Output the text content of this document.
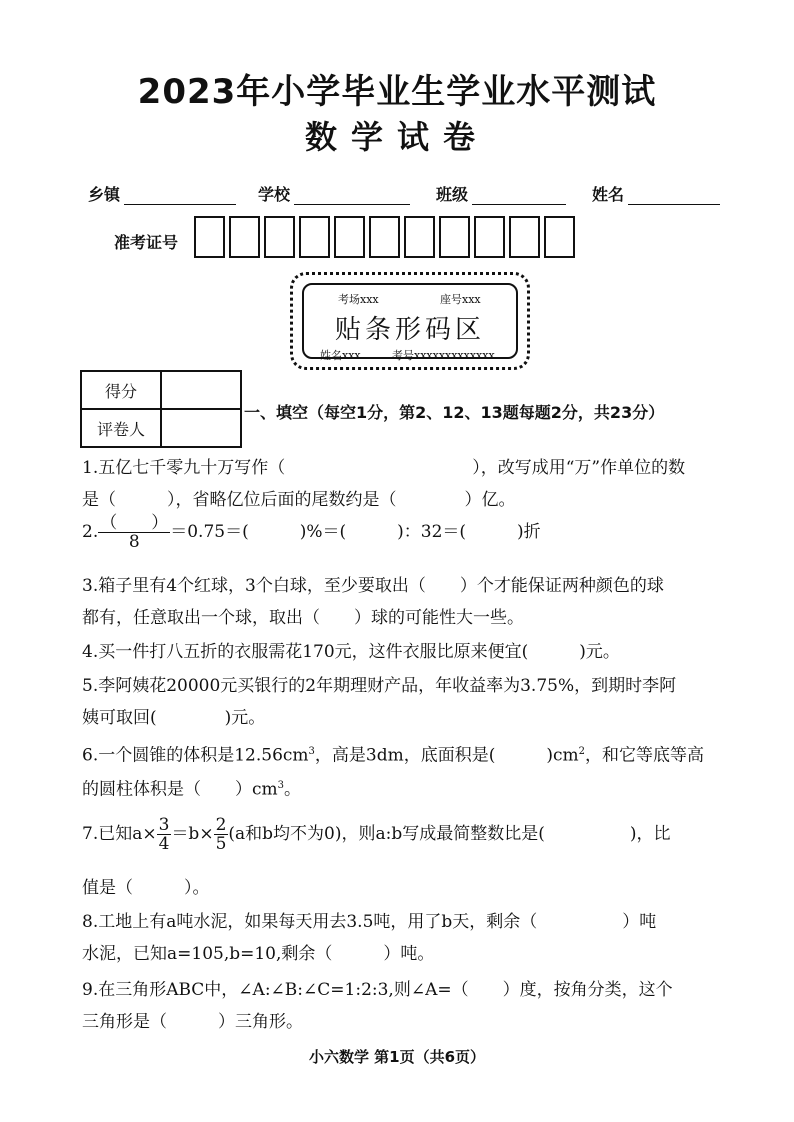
2023年小学毕业生学业水平测试
数学试卷
乡镇	学校	班级	姓名
准考证号
考场xxx	座号xxx
贴条形码区
姓名xxx	考号xxxxxxxxxxxxx
得分	
评卷人	
一、填空（每空1分，第2、12、13题每题2分，共23分）
1.五亿七千零九十万写作（　　　　　　　　　　　），改写成用“万”作单位的数
是（　　　），省略亿位后面的尾数约是（　　　　）亿。
2. $\frac{( )}{8} =0.75=$(　　　)%＝(　　　)：32＝(　　　)折
3.箱子里有4个红球，3个白球，至少要取出（　　）个才能保证两种颜色的球
都有，任意取出一个球，取出（　　）球的可能性大一些。
4.买一件打八五折的衣服需花170元，这件衣服比原来便宜(　　　)元。
5.李阿姨花20000元买银行的2年期理财产品，年收益率为3.75%，到期时李阿
姨可取回(　　　　)元。
6.一个圆锥的体积是$12.56cm^3$，高是3dm，底面积是(　　　)$cm^2$，和它等底等高
的圆柱体积是（　　）$cm^3$。
7.已知$a\times \frac{3}{4} =b\times \frac{2}{5} (a$和b均不为0)，则a:b写成最简整数比是(　　　　　)，比
值是（　　　）。
8.工地上有a吨水泥，如果每天用去3.5吨，用了b天，剩余（　　　　　）吨
水泥，已知a=105,b=10,剩余（　　　）吨。
9.在三角形ABC中，∠A:∠B:∠C=1:2:3,则∠A=（　　）度，按角分类，这个
三角形是（　　　）三角形。
小六数学 第1页（共6页）
